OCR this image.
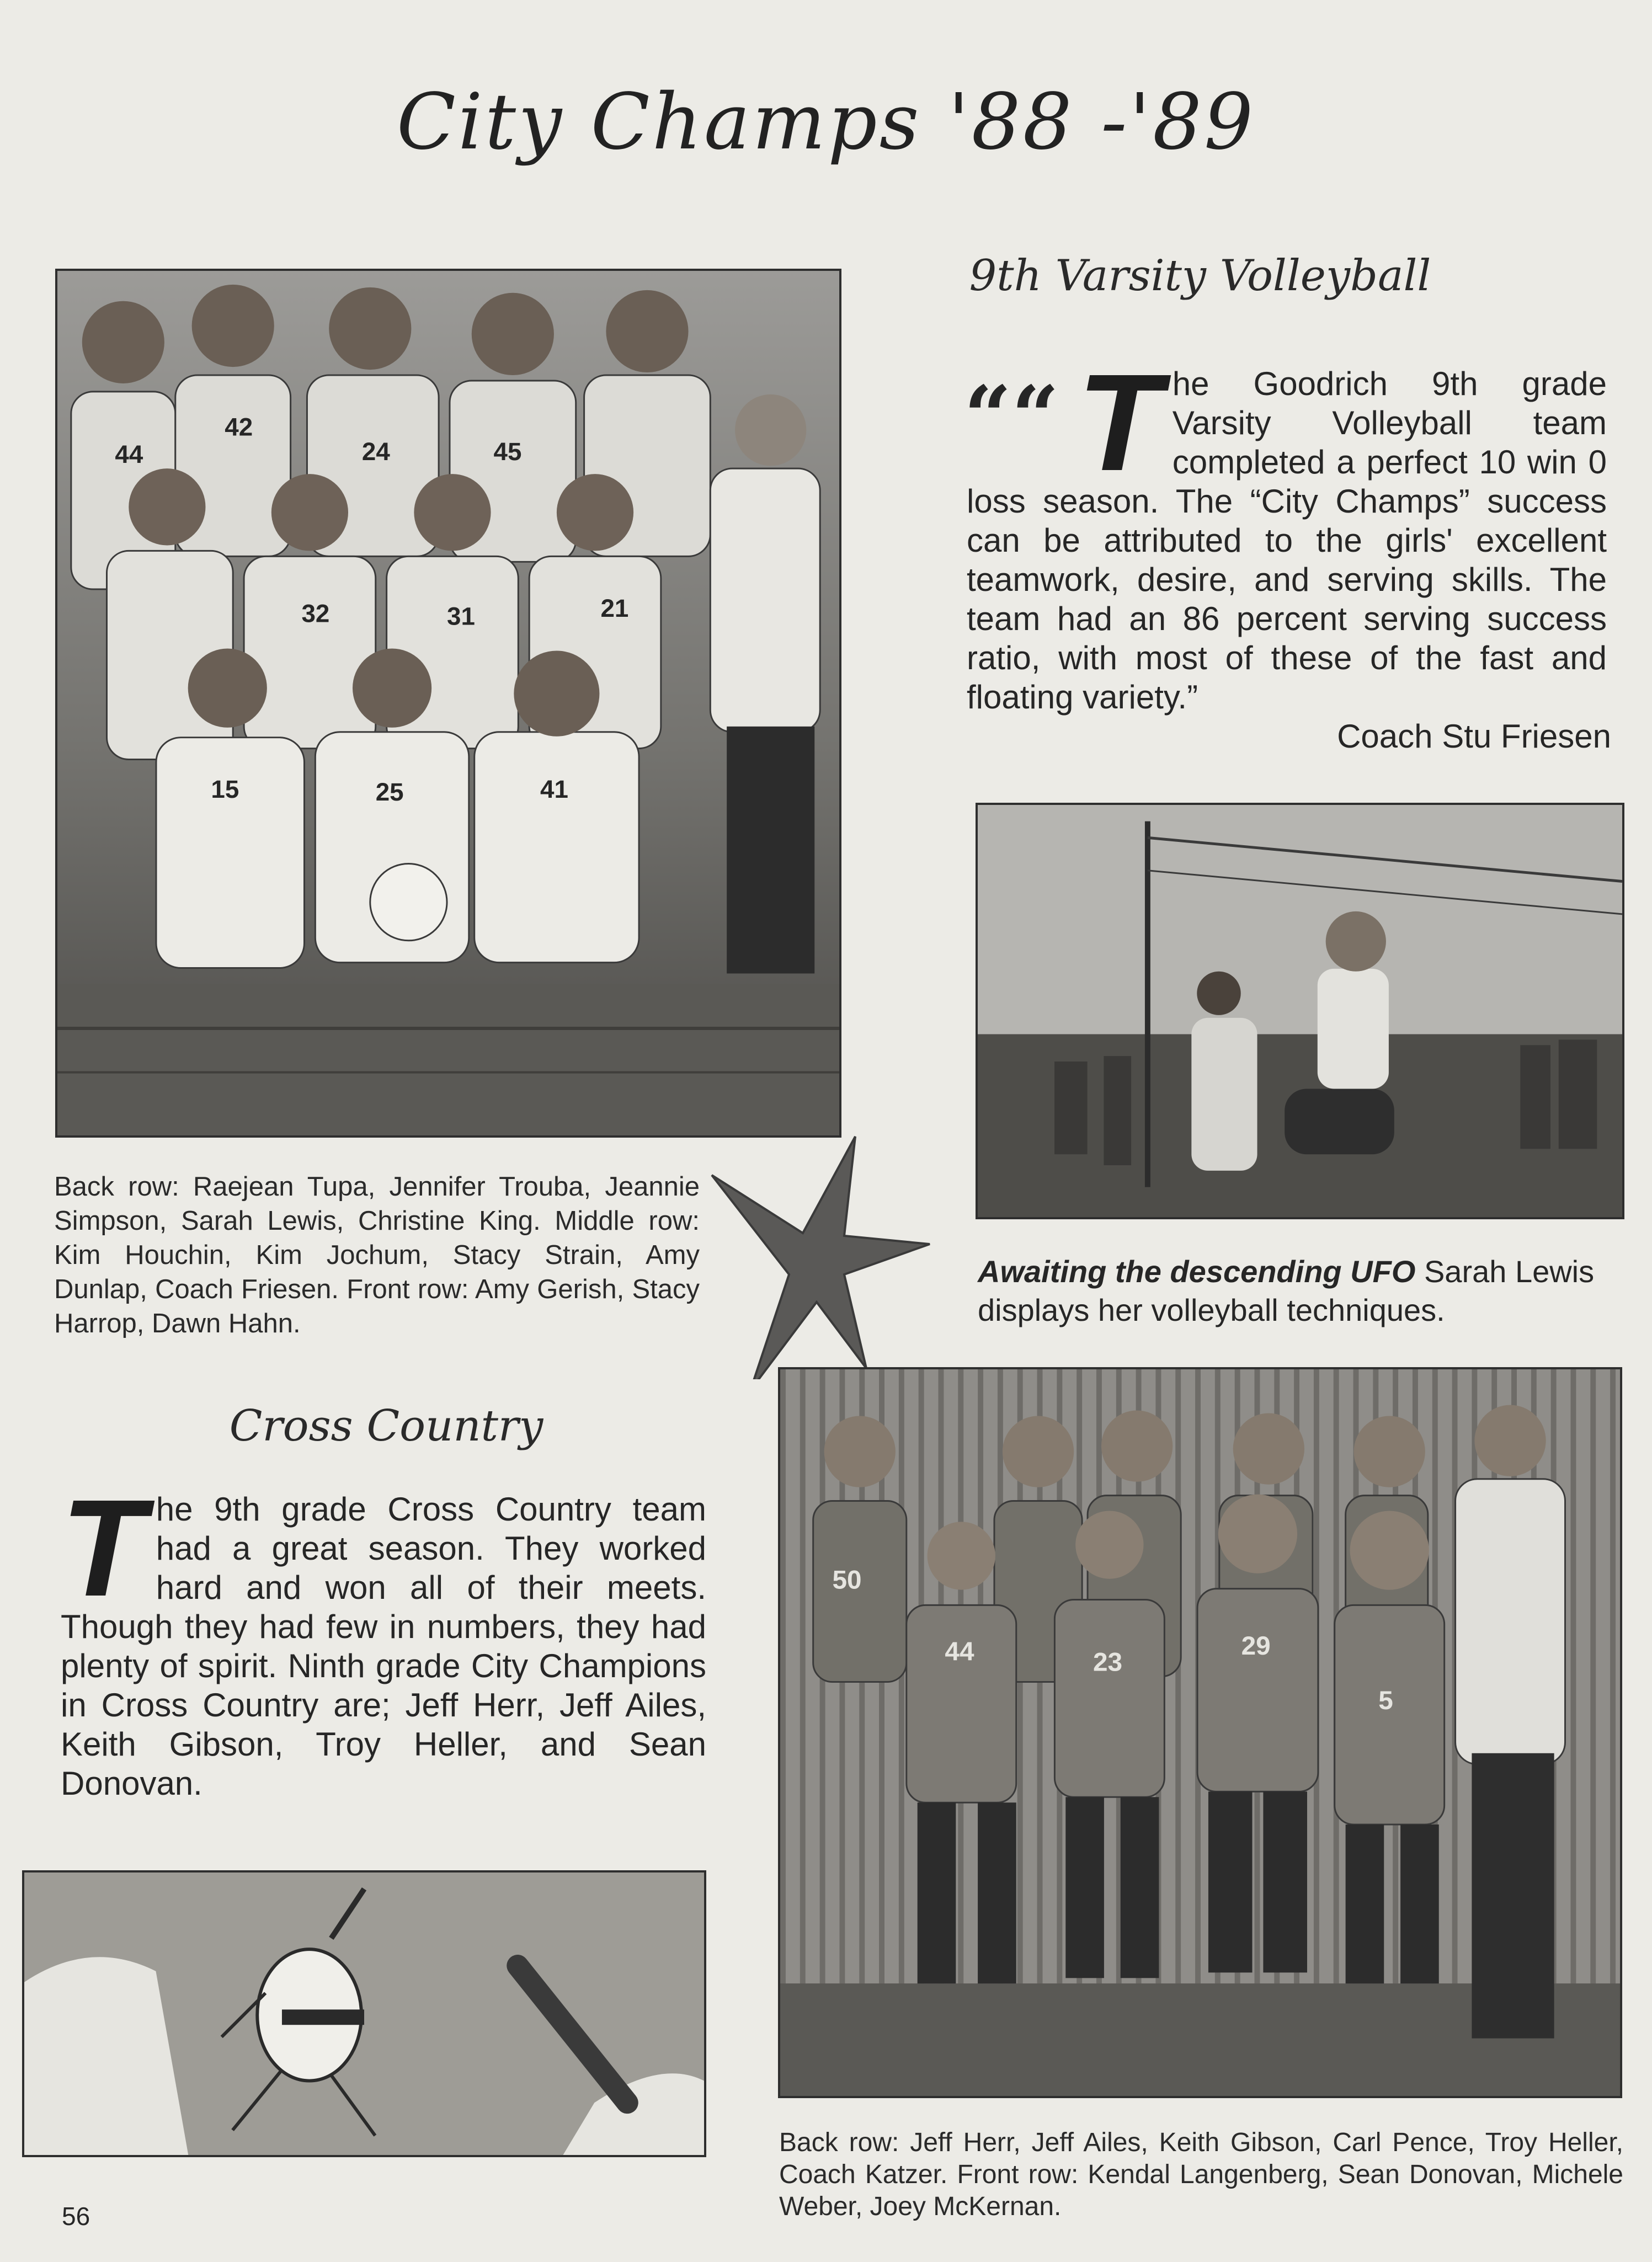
City Champs '88 -'89
44
42
24	45
32	31	21
15	25	41
Back row: Raejean Tupa, Jennifer Trouba, Jeannie Simpson, Sarah Lewis, Christine King. Middle row: Kim Houchin, Kim Jochum, Stacy Strain, Amy Dunlap, Coach Friesen. Front row: Amy Gerish, Stacy Harrop, Dawn Hahn.
9th Varsity Volleyball
““ T he Goodrich 9th grade Varsity Volleyball team completed a perfect 10 win 0 loss season. The “City Champs” success can be attributed to the girls' excellent teamwork, desire, and serving skills. The team had an 86 percent serving success ratio, with most of these of the fast and floating variety.”
Coach Stu Friesen
Awaiting the descending UFO Sarah Lewis displays her volleyball techniques.
Cross Country
T he 9th grade Cross Country team had a great season. They worked hard and won all of their meets. Though they had few in numbers, they had plenty of spirit. Ninth grade City Champions in Cross Country are; Jeff Herr, Jeff Ailes, Keith Gibson, Troy Heller, and Sean Donovan.
50
44	23
29
5
Back row: Jeff Herr, Jeff Ailes, Keith Gibson, Carl Pence, Troy Heller, Coach Katzer. Front row: Kendal Langenberg, Sean Donovan, Michele Weber, Joey McKernan.
56
